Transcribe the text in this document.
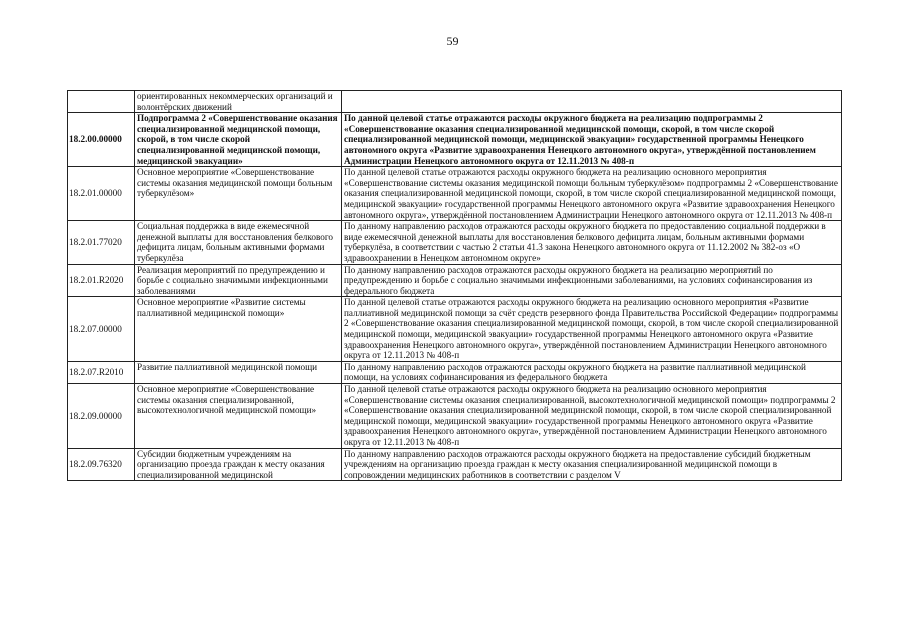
59
	ориентированных некоммерческих организаций и волонтёрских движений	
18.2.00.00000	Подпрограмма 2 «Совершенствование оказания специализированной медицинской помощи, скорой, в том числе скорой специализированной медицинской помощи, медицинской эвакуации»	По данной целевой статье отражаются расходы окружного бюджета на реализацию подпрограммы 2 «Совершенствование оказания специализированной медицинской помощи, скорой, в том числе скорой специализированной медицинской помощи, медицинской эвакуации» государственной программы Ненецкого автономного округа «Развитие здравоохранения Ненецкого автономного округа», утверждённой постановлением Администрации Ненецкого автономного округа от 12.11.2013 № 408-п
18.2.01.00000	Основное мероприятие «Совершенствование системы оказания медицинской помощи больным туберкулёзом»	По данной целевой статье отражаются расходы окружного бюджета на реализацию основного мероприятия «Совершенствование системы оказания медицинской помощи больным туберкулёзом» подпрограммы 2 «Совершенствование оказания специализированной медицинской помощи, скорой, в том числе скорой специализированной медицинской помощи, медицинской эвакуации» государственной программы Ненецкого автономного округа «Развитие здравоохранения Ненецкого автономного округа», утверждённой постановлением Администрации Ненецкого автономного округа от 12.11.2013 № 408-п
18.2.01.77020	Социальная поддержка в виде ежемесячной денежной выплаты для восстановления белкового дефицита лицам, больным активными формами туберкулёза	По данному направлению расходов отражаются расходы окружного бюджета по предоставлению социальной поддержки в виде ежемесячной денежной выплаты для восстановления белкового дефицита лицам, больным активными формами туберкулёза, в соответствии с частью 2 статьи 41.3 закона Ненецкого автономного округа от 11.12.2002 № 382-оз «О здравоохранении в Ненецком автономном округе»
18.2.01.R2020	Реализация мероприятий по предупреждению и борьбе с социально значимыми инфекционными заболеваниями	По данному направлению расходов отражаются расходы окружного бюджета на реализацию мероприятий по предупреждению и борьбе с социально значимыми инфекционными заболеваниями, на условиях софинансирования из федерального бюджета
18.2.07.00000	Основное мероприятие «Развитие системы паллиативной медицинской помощи»	По данной целевой статье отражаются расходы окружного бюджета на реализацию основного мероприятия «Развитие паллиативной медицинской помощи за счёт средств резервного фонда Правительства Российской Федерации» подпрограммы 2 «Совершенствование оказания специализированной медицинской помощи, скорой, в том числе скорой специализированной медицинской помощи, медицинской эвакуации» государственной программы Ненецкого автономного округа «Развитие здравоохранения Ненецкого автономного округа», утверждённой постановлением Администрации Ненецкого автономного округа от 12.11.2013 № 408-п
18.2.07.R2010	Развитие паллиативной медицинской помощи	По данному направлению расходов отражаются расходы окружного бюджета на развитие паллиативной медицинской помощи, на условиях софинансирования из федерального бюджета
18.2.09.00000	Основное мероприятие «Совершенствование системы оказания специализированной, высокотехнологичной медицинской помощи»	По данной целевой статье отражаются расходы окружного бюджета на реализацию основного мероприятия «Совершенствование системы оказания специализированной, высокотехнологичной медицинской помощи» подпрограммы 2 «Совершенствование оказания специализированной медицинской помощи, скорой, в том числе скорой специализированной медицинской помощи, медицинской эвакуации» государственной программы Ненецкого автономного округа «Развитие здравоохранения Ненецкого автономного округа», утверждённой постановлением Администрации Ненецкого автономного округа от 12.11.2013 № 408-п
18.2.09.76320	Субсидии бюджетным учреждениям на организацию проезда граждан к месту оказания специализированной медицинской	По данному направлению расходов отражаются расходы окружного бюджета на предоставление субсидий бюджетным учреждениям на организацию проезда граждан к месту оказания специализированной медицинской помощи в сопровождении медицинских работников в соответствии с разделом V
